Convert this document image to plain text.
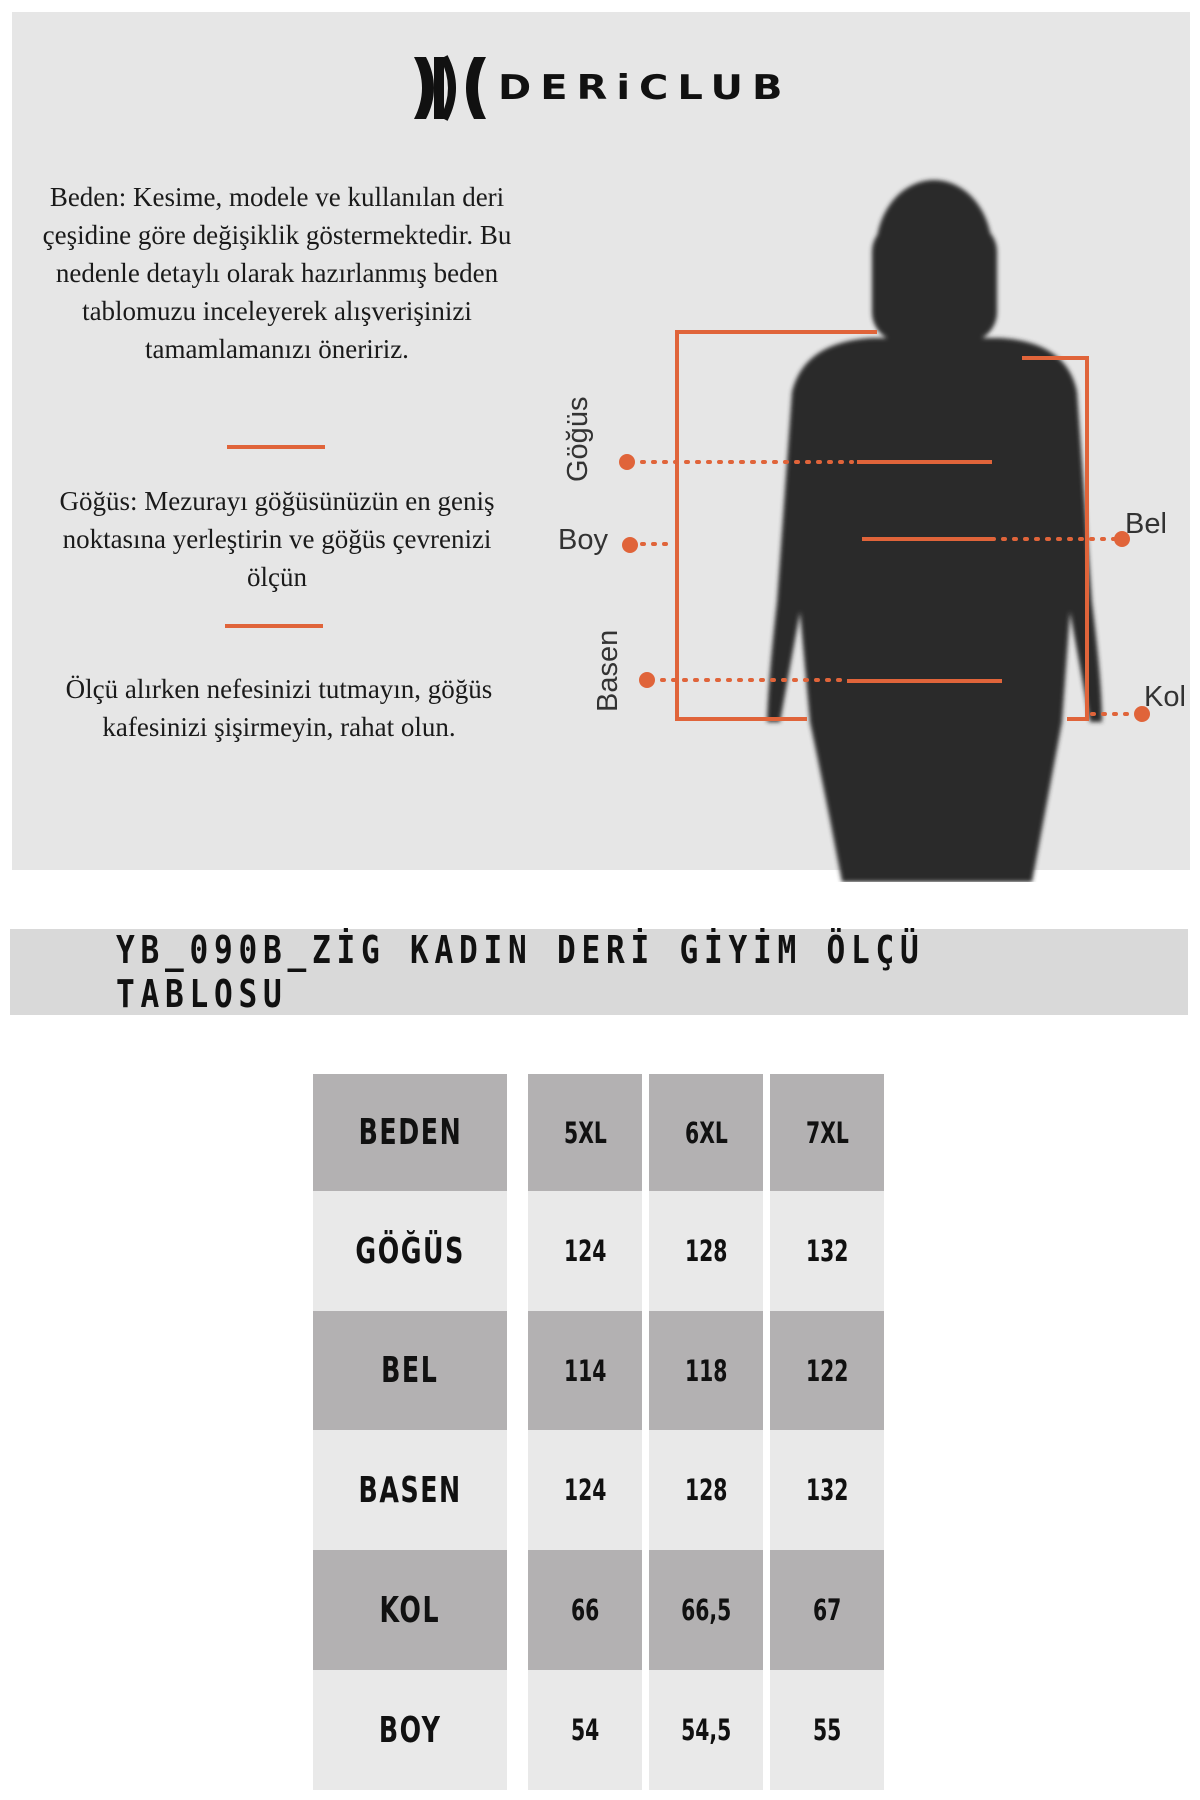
DERiCLUB

Beden: Kesime, modele ve kullanılan deri çeşidine göre değişiklik göstermektedir. Bu nedenle detaylı olarak hazırlanmış beden tablomuzu inceleyerek alışverişinizi tamamlamanızı öneririz.

Göğüs: Mezurayı göğüsünüzün en geniş noktasına yerleştirin ve göğüs çevrenizi ölçün

Ölçü alırken nefesinizi tutmayın, göğüs kafesinizi şişirmeyin, rahat olun.

Göğüs
Boy
Basen
Bel
Kol
YB_090B_ZİG KADIN DERİ GİYİM ÖLÇÜ TABLOSU
BEDEN	5XL	6XL	7XL
GÖĞÜS	124	128	132
BEL	114	118	122
BASEN	124	128	132
KOL	66	66,5	67
BOY	54	54,5	55
